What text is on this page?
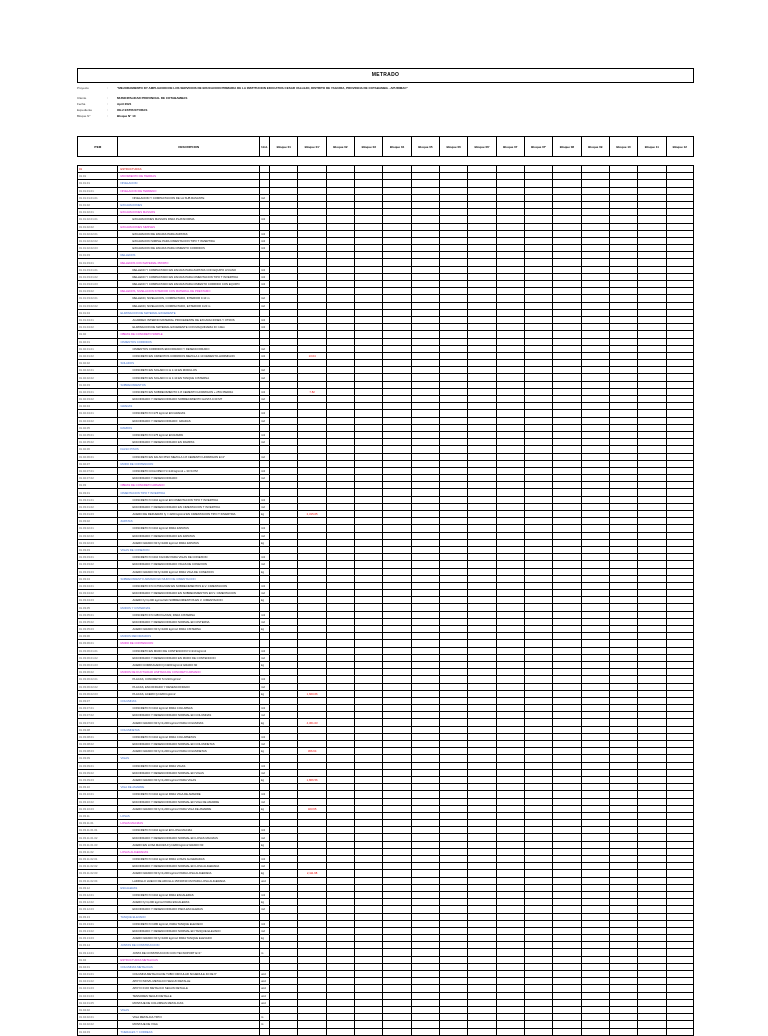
METRADO
Proyecto	:	"MEJORAMIENTO DY AMPLIACION DE LOS SERVICIOS DE EDUCACION PRIMARIA DE LA INSTITUCION EDUCATIVA CESAR VALLEJO, DISTRITO DE YAGUIRA, PROVINCIA DE COTABAMBA - APURIMAC"
Cliente	:	MUNICIPALIDAD PROVINCIAL DE COTABAMBAS
Fecha	:	April 2021
Expediente	:	OE.2 ESTRUCTURAS
Bloque N°	:	Bloque N° 10

ITEM	DESCRIPCION	Und.	Bloque 01	Bloque 01'	Bloque 02	Bloque 03	Bloque 04	Bloque 05	Bloque 06	Bloque 06'	Bloque 07	Bloque 07'	Bloque 08	Bloque 09	Bloque 10	Bloque 11	Bloque 12

01	ESTRUCTURAS																
01.01	MOVIMIENTO DE TIERRAS																
01.01.01	NIVELACION																
01.01.01.01	NIVELACION DE TERRENO																
01.01.01.01.01	NIVELACION Y COMPACTACION DE LA SUB RASANTE	m2															
01.01.02	EXCAVACIONES																
01.01.02.01	EXCAVACIONES MASIVAS																
01.01.02.01.01	EXCAVACIONES MASIVAS PARA PLATAFORMA	m3															
01.01.02.02	EXCAVACIONES SIMPLES																
01.01.02.02.01	EXCAVACION DE ZANJAS PARA ZAPATAS	m3															
01.01.02.02.02	EXCAVACION SIMPLE PARA CIMENTACION TIPO T INVERTIDA	m3															
01.01.02.02.03	EXCAVACION DE ZANJAS PARA CIMIENTO CORRIDOS	m3															
01.01.03	RELLENOS																
01.01.03.01	RELLENOS CON MATERIAL PROPIO																
01.01.03.01.01	RELLENO Y COMPACTADO EN ZANJAS PARA ZAPATAS CON EQUIPO LIVIANO	m3															
01.01.03.01.02	RELLENO Y COMPACTADO EN ZANJAS PARA CIMENTACION TIPO T INVERTIDA	m3															
01.01.03.01.03	RELLENO Y COMPACTADO EN ZANJAS PARA CIMIENTO CORRIDO CON EQUIPO	m3															
01.01.03.02	RELLENOS, NIVELACION INTERIOR CON MATERIAL DE PRESTAMO																
01.01.03.02.01	RELLENO, NIVELACION, COMPACTADO, INTERIOR 0.10 m	m2															
01.01.03.02.02	RELLENO, NIVELACION, COMPACTADO, EXTERIOR 0.20 m	m2															
01.01.04	ELIMINACION DE MATERIAL EXCEDENTE																
01.01.04.01	ACARREO INTERNO MATERIAL PROCEDENTE DE EXCAVACIONES Y OTROS	m3															
01.01.04.02	ELIMINACION DE MATERIAL EXCEDENTE CON MAQUINARIA D= 10km	m3															
01.02	OBRAS DE CONCRETO SIMPLE																
01.02.01	CIMIENTOS CORRIDOS																
01.02.01.01	CIMIENTOS CORRIDOS ENCOFRADO Y DESENCOFRADO	m2															
01.02.01.02	CONCRETO EN CIMIENTOS CORRIDOS MEZCLA 1:10 CEMENTO-HORMIGON	m3		13.04													
01.02.02	SOLADOS																
01.02.02.01	CONCRETO EN SOLADO C:H 1:10 EN MODULOS	m2															
01.02.02.02	CONCRETO EN SOLADO C:H 1:10 EN TANQUE CISTERNA	m2															
01.02.03	SOBRECIMIENTOS																
01.02.03.01	CONCRETO EN SOBRECIMIENTO 1:8 CEMENTO HORMIGON + 25% PIEDRA	m3		7.82													
01.02.03.02	ENCOFRADO Y DESENCOFRADO SOBRECIMIENTO HASTA 0.30 MT	m2															
01.02.04	GRADAS																
01.02.04.01	CONCRETO f'c=175 kg/cm2 EN GRADAS	m3															
01.02.04.02	ENCOFRADO Y DESENCOFRADO: GRADAS	m2															
01.02.05	RAMPAS																
01.02.05.01	CONCRETO f'c=175 kg/cm2 EN RAMPA	m3															
01.02.05.02	ENCOFRADO Y DESENCOFRADO EN RAMPAS	m2															
01.02.06	FALSO PISOS																
01.02.06.01	CONCRETO EN FALSO PISO MEZCLA 1:8 CEMENTO HORMIGON E=4"	m2															
01.02.07	MURO DE CONTENCION																
01.02.07.01	CONCRETO CICLOPEO f'c=140 kg/cm2 + 30 % PM	m3															
01.02.07.02	ENCOFRADO Y DESENCOFRADO	m2															
01.03	OBRAS DE CONCRETO ARMADO																
01.03.01	CIMENTACION TIPO T INVERTIDA																
01.03.01.01	CONCRETO f'c=210 kg/cm2 EN CIMENTACION TIPO T INVERTIDA	m3															
01.03.01.02	ENCOFRADO Y DESENCOFRADO EN CIMENTACION T INVERTIDA	m2															
01.03.01.03	ACERO DE REFUERZO fy = 4200 kg/cm2 EN CIMENTACION TIPO T INVERTIDA	kg		2,315.05													
01.03.02	ZAPATAS																
01.03.02.01	CONCRETO f'c=210 kg/cm2 PARA ZAPATAS	m3															
01.03.02.02	ENCOFRADO Y DESENCOFRADO EN ZAPATAS	m2															
01.03.02.03	ACERO GRADO 60 fy=4200 kg/cm2 PARA ZAPATAS	kg															
01.03.03	VIGAS DE CONEXION																
01.03.03.01	CONCRETO f'c=210 KG/CM2 PARA VIGAS DE CONEXION	m3															
01.03.03.02	ENCOFRADO Y DESENCOFRADO VIGAS DE CONEXION	m2															
01.03.03.03	ACERO GRADO 60 fy=4200 kg/cm2 PARA VIGA DE CONEXION	kg															
01.03.04	SOBRECIMIENTO ARMADO EN MURO DE CIMENTACION																
01.03.04.01	CONCRETO F'C=175KG/CM2 EN SOBRECIMIENTOS E.V. CIMENTACION	m3															
01.03.04.02	ENCOFRADO Y DESENCOFRADO EN SOBRECIMIENTOS EN V. CIMENTACION	m2															
01.03.04.03	ACERO fy=4,200 kg/cm2 EN SOBRECIMIENTOS EN V. CIMENTACION	kg															
01.03.05	MUROS Y CISTERNAS																
01.03.05.01	CONCRETO F'C=280 KG/CM2, PARA CISTERNA	m3															
01.03.05.02	ENCOFRADO Y DESENCOFRADO NORMAL EN CISTERNA	m2															
01.03.05.03	ACERO GRADO 60 fy=4200 kg/cm2 PARA CISTERNA	kg															
01.03.06	MUROS REFORZADOS																
01.03.06.01	MURO DE CONTENCION																
01.03.06.01.01	CONCRETO EN MURO DE CONTENCION f'c=210 kg/cm2	m3															
01.03.06.01.02	ENCOFRADO Y DESENCOFRADO EN MURO DE CONTENCION	m2															
01.03.06.01.03	ACERO CORRUGADO fy=4200 kg/cm2 GRADO 60	kg															
01.03.06.02	MUROS DE DUCTILIDAD LIMITADA DE CONCRETO ARMADO																
01.03.06.02.01	PLACAS, CONCRETO f'c=210 kg/cm2	m3															
01.03.06.02.02	PLACAS, ENCOFRADO Y DESENCOFRADO	m2															
01.03.06.02.03	PLACAS, ACERO fy=4200 kg/cm2	kg		1,660.66													
01.03.07	COLUMNAS																
01.03.07.01	CONCRETO f'c=210 kg/cm2 PARA COLUMNAS	m3															
01.03.07.02	ENCOFRADO Y DESENCOFRADO NORMAL EN COLUMNAS	m2															
01.03.07.03	ACERO GRADO 60 fy=4,200 kg/cm2 PARA COLUMNAS	kg		4,361.03													
01.03.08	COLUMNETAS																
01.03.08.01	CONCRETO f'c=210 kg/cm2 PARA COLUMNETAS	m3															
01.03.08.02	ENCOFRADO Y DESENCOFRADO NORMAL EN COLUMNETAS	m2															
01.03.08.03	ACERO GRADO 60 fy=4,200 kg/cm2 PARA COLUMNETAS	kg		366.64													
01.03.09	VIGAS																
01.03.09.01	CONCRETO f'c=210 kg/cm2 PARA VIGAS	m3															
01.03.09.02	ENCOFRADO Y DESENCOFRADO NORMAL EN VIGAS	m2															
01.03.09.03	ACERO GRADO 60 fy=4,200 kg/cm2 PARA VIGAS	kg		1,866.56													
01.03.10	VIGA DE AMARRE																
01.03.10.01	CONCRETO f'c=210 kg/cm2 PARA VIGA DE AMARRE	m3															
01.03.10.02	ENCOFRADO Y DESENCOFRADO NORMAL EN VIGA DE AMARRE	m2															
01.03.10.03	ACERO GRADO 60 fy=4,200 kg/cm2 PARA VIGA DE AMARRE	kg		323.65													
01.03.11	LOSAS																
01.03.11.01	LOSAS MACIZAS																
01.03.11.01.01	CONCRETO f'c=210 kg/cm2 EN LOSA MACIZA	m3															
01.03.11.01.02	ENCOFRADO Y DESENCOFRADO NORMAL EN LOSAS MACIZAS	m2															
01.03.11.01.03	ACERO EN LOSA MACIZA F'y=4200 kg/cm2 GRADO 60	kg															
01.03.11.02	LOSAS ALIGERADAS																
01.03.11.02.01	CONCRETO f'c=210 kg/cm2 PARA LOSAS ALIGERADAS	m3															
01.03.11.02.02	ENCOFRADO Y DESENCOFRADO NORMAL EN LOSA ALIGERADA	m2															
01.03.11.02.03	ACERO GRADO 60 fy=4,200 kg/cm2 PARA LOSA ALIGERADA	kg		2,111.68													
01.03.11.02.04	LADRILLO HUECO DE ARCILLA 15X30X30 CM PARA LOSA ALIGERADA	und															
01.03.12	ESCALERAS																
01.03.12.01	CONCRETO f'c=210 kg/cm2 PARA ESCALERAS	m3															
01.03.12.02	ACERO fy=4,200 kg/cm2 PARA ESCALERAS	kg															
01.03.12.03	ENCOFRADO Y DESENCOFRADO PARA ESCALERAS	m2															
01.03.13	TANQUE ELEVADO																
01.03.13.01	CONCRETO f'c=280 kg/cm2, PARA TANQUE ELEVADO	m3															
01.03.13.02	ENCOFRADO Y DESENCOFRADO NORMAL EN TANQUE ELEVADO	m2															
01.03.13.03	ACERO GRADO 60 fy=4200 kg/cm2 PARA TANQUE ELEVADO	kg															
01.03.14	JUNTAS DE CONSTRUCCION																
01.03.14.01	JUNTA DE CONSTRUCCION CON TECNOPORT E=1"	m															
01.04	ESTRUCTURAS METALICAS																
01.04.01	COLUMNAS METALICAS																
01.04.01.01	COLUMNA METALICA DE TUBO CIRCULAR SCHEDULE 40 DE 6"	und															
01.04.01.02	APOYO MOVIL METALICO SEGUN DETALLE	und															
01.04.01.03	APOYO FIJO METALICO SEGUN DETALLE	und															
01.04.01.04	TENSORES SEGUN DETALLE	und															
01.04.01.05	MONTAJE DE COLUMNAS METALICAS	und															
01.04.02	VIGAS																
01.04.02.01	VIGA METALICA TIPO I	m															
01.04.02.02	MONTAJE DE VIGA	m															
01.04.03	TIJERALES Y CORREAS																
